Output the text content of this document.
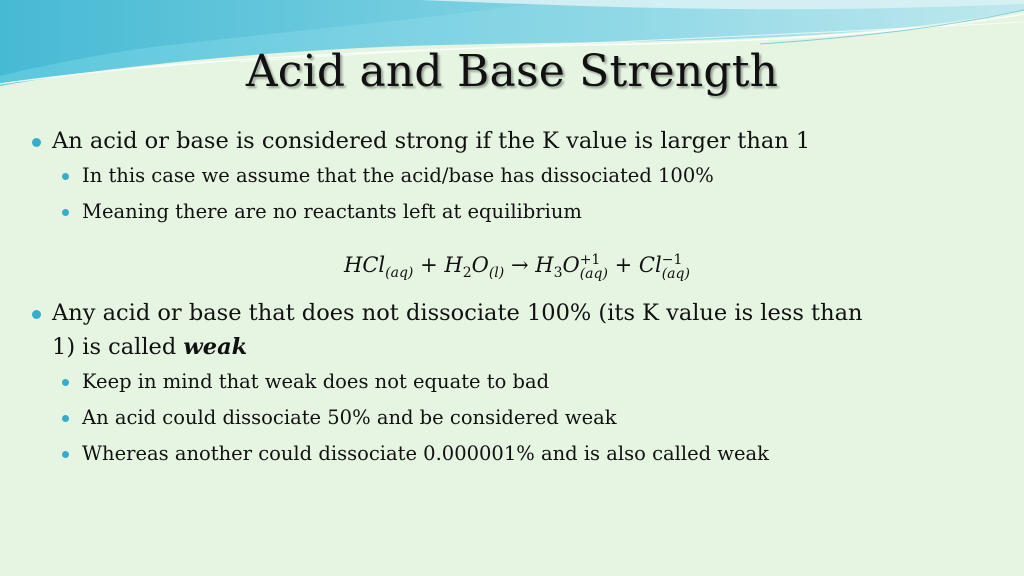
Acid and Base Strength
An acid or base is considered strong if the K value is larger than 1
In this case we assume that the acid/base has dissociated 100%
Meaning there are no reactants left at equilibrium
$HCl_{(aq)} + H_2O_{(l)} \to H_3O+1$
(aq) + Cl−1
(aq)
Any acid or base that does not dissociate 100% (its K value is less than
1) is called weak
Keep in mind that weak does not equate to bad
An acid could dissociate 50% and be considered weak
Whereas another could dissociate 0.000001% and is also called weak
